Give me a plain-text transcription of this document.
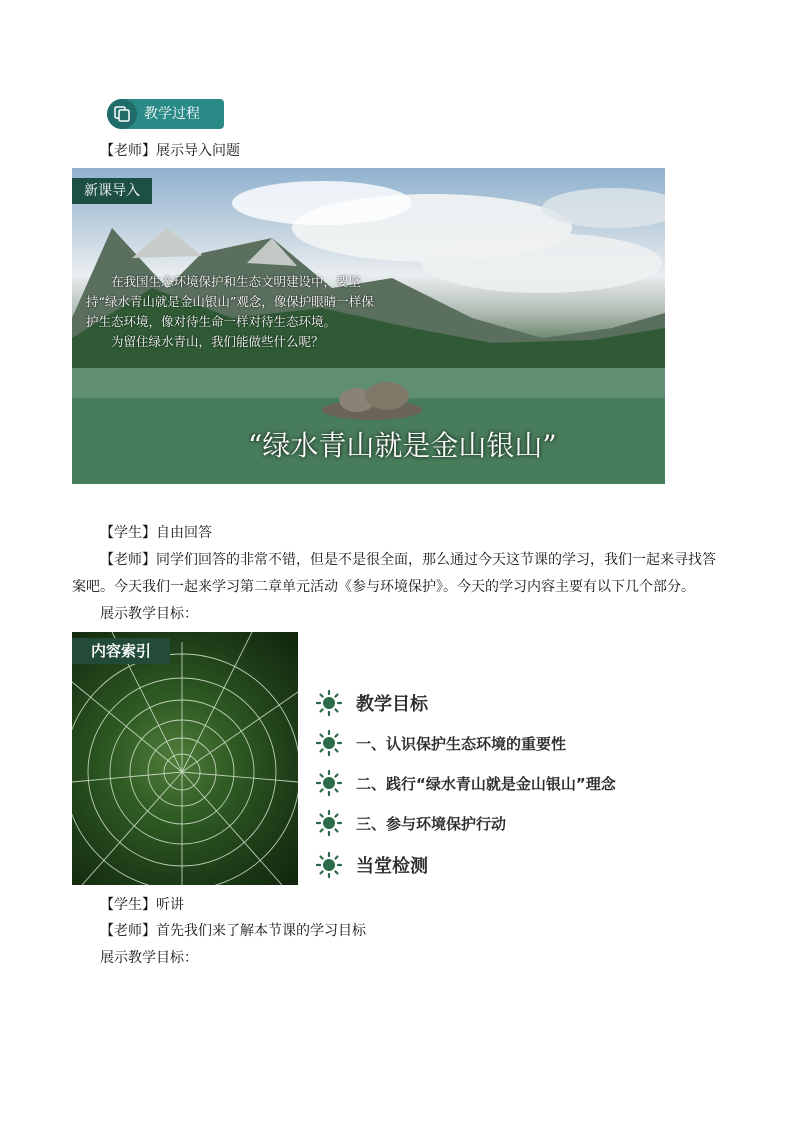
教学过程
【老师】展示导入问题
新课导入

在我国生态环境保护和生态文明建设中，要坚持“绿水青山就是金山银山”观念，像保护眼睛一样保护生态环境，像对待生命一样对待生态环境。

为留住绿水青山，我们能做些什么呢？

“绿水青山就是金山银山”
【学生】自由回答
【老师】同学们回答的非常不错，但是不是很全面，那么通过今天这节课的学习，我们一起来寻找答
案吧。今天我们一起来学习第二章单元活动《参与环境保护》。今天的学习内容主要有以下几个部分。
展示教学目标：
内容索引
教学目标
一、认识保护生态环境的重要性
二、践行“绿水青山就是金山银山”理念
三、参与环境保护行动
当堂检测
【学生】听讲
【老师】首先我们来了解本节课的学习目标
展示教学目标：
